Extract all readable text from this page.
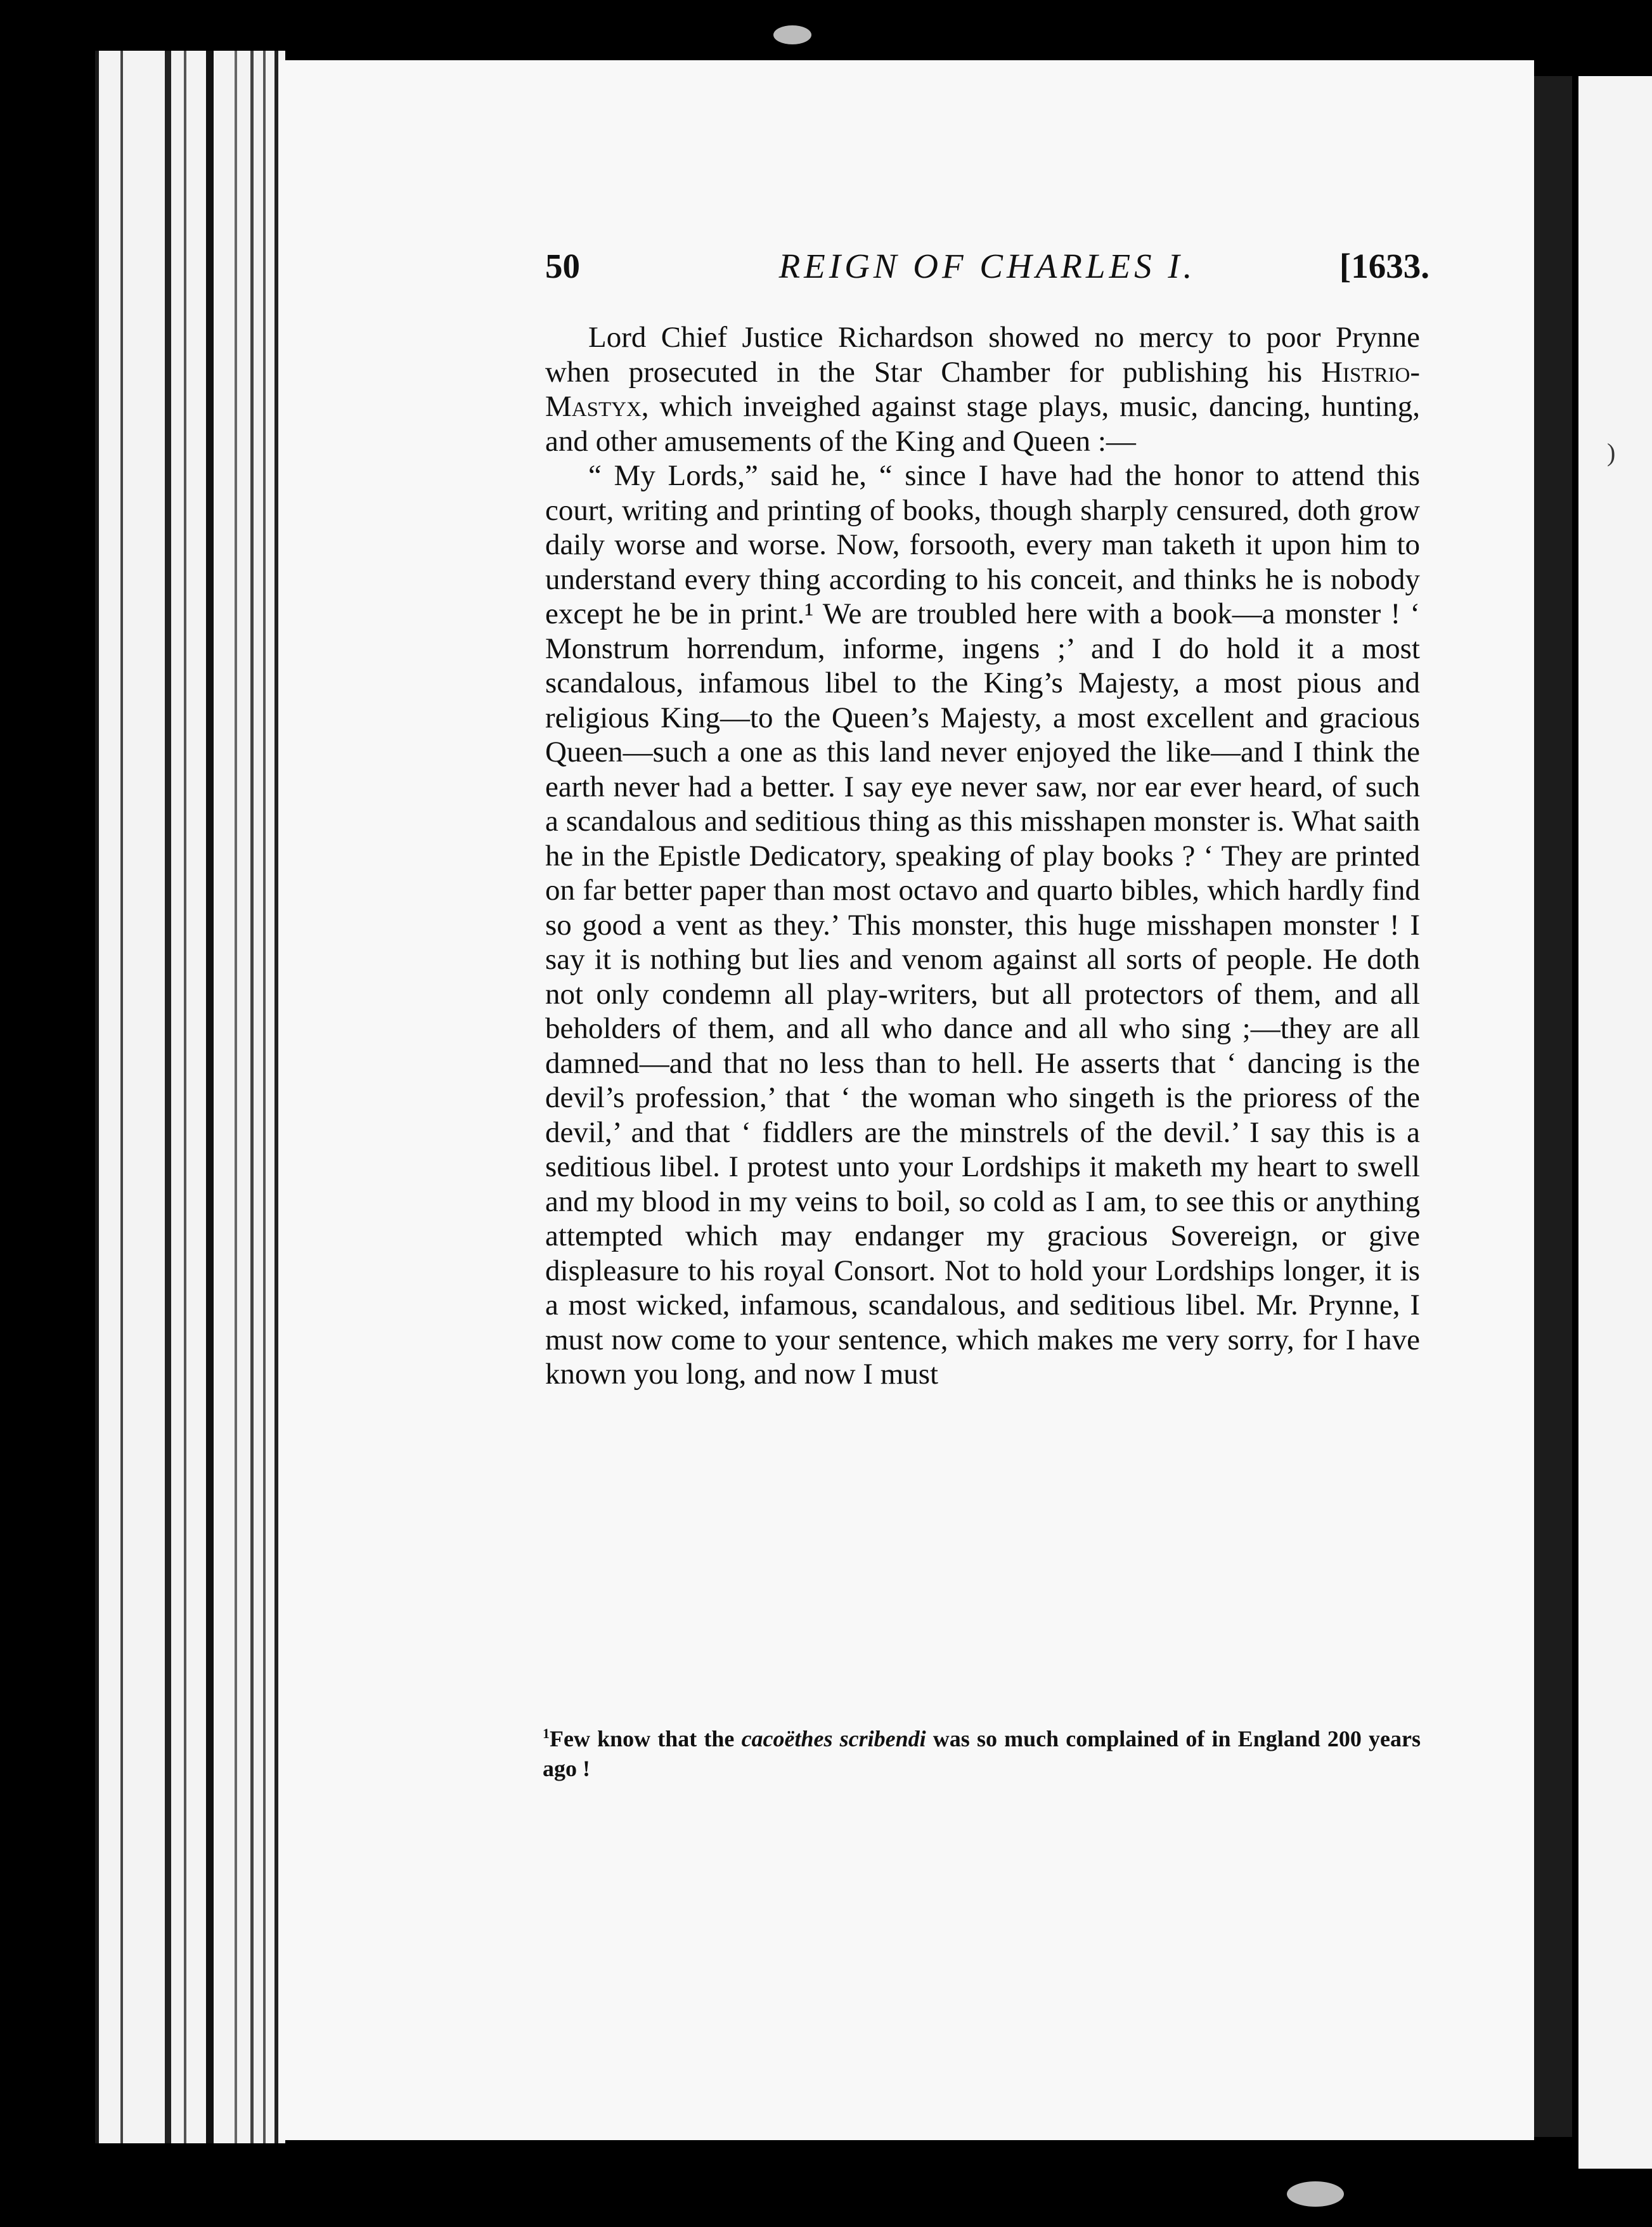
)
50	REIGN OF CHARLES I.	[1633.

Lord Chief Justice Richardson showed no mercy to poor Prynne when prosecuted in the Star Chamber for publishing his Histrio-Mastyx, which inveighed against stage plays, music, dancing, hunting, and other amusements of the King and Queen :—

“ My Lords,” said he, “ since I have had the honor to attend this court, writing and printing of books, though sharply censured, doth grow daily worse and worse. Now, forsooth, every man taketh it upon him to understand every thing according to his conceit, and thinks he is nobody except he be in print.¹ We are troubled here with a book—a monster ! ‘ Monstrum horrendum, informe, ingens ;’ and I do hold it a most scandalous, infamous libel to the King’s Majesty, a most pious and religious King—to the Queen’s Majesty, a most excellent and gracious Queen—such a one as this land never enjoyed the like—and I think the earth never had a better. I say eye never saw, nor ear ever heard, of such a scandalous and seditious thing as this misshapen monster is. What saith he in the Epistle Dedicatory, speaking of play books ? ‘ They are printed on far better paper than most octavo and quarto bibles, which hardly find so good a vent as they.’ This monster, this huge misshapen monster ! I say it is nothing but lies and venom against all sorts of people. He doth not only condemn all play-writers, but all protectors of them, and all beholders of them, and all who dance and all who sing ;—they are all damned—and that no less than to hell. He asserts that ‘ dancing is the devil’s profession,’ that ‘ the woman who singeth is the prioress of the devil,’ and that ‘ fiddlers are the minstrels of the devil.’ I say this is a seditious libel. I protest unto your Lordships it maketh my heart to swell and my blood in my veins to boil, so cold as I am, to see this or anything attempted which may endanger my gracious Sovereign, or give displeasure to his royal Consort. Not to hold your Lordships longer, it is a most wicked, infamous, scandalous, and seditious libel. Mr. Prynne, I must now come to your sentence, which makes me very sorry, for I have known you long, and now I must

$^1$Few know that the cacoëthes scribendi was so much complained of in England 200 years ago !
